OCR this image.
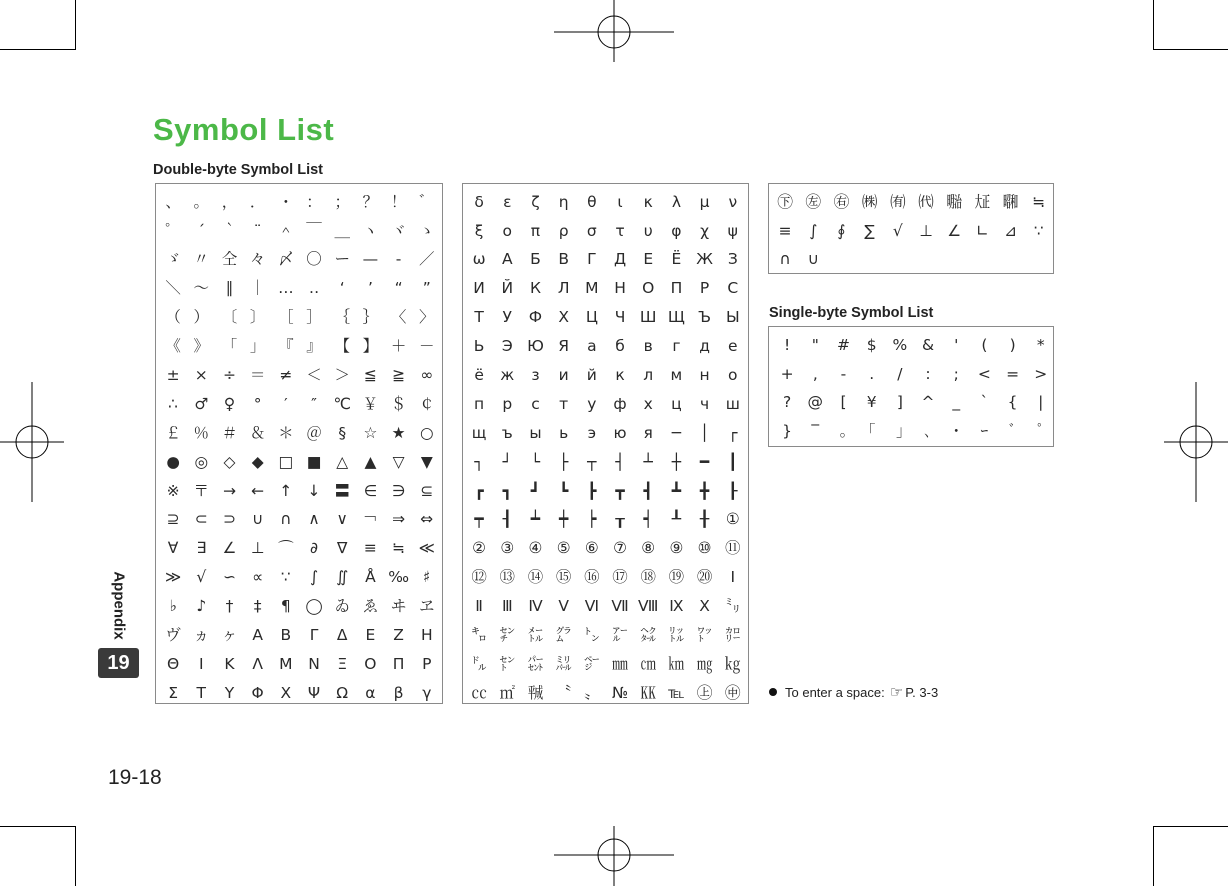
Symbol List
Double-byte Symbol List
Single-byte Symbol List
、 。 ， ． ・ ： ； ？ ！ ゛
゜	´	｀	¨	＾ ￣ ＿ ヽ ヾ ゝ
ゞ 〃 仝 々 〆 〇 ー —	‐	／
＼ ～	∥	｜ … ‥	‘	’	“	”
（ ） 〔 〕 ［ ］ ｛ ｝ 〈 〉
《 》 「 」 『 』 【 】 ＋ －
± × ÷ ＝ ≠ ＜ ＞ ≦ ≧ ∞
∴	♂	♀	°	′	″	℃ ￥ ＄ ￠
￡ ％ ＃ ＆ ＊ ＠	§	☆ ★ ○
● ◎ ◇	◆ □ ■ △	▲	▽	▼
※ 〒 → ← ↑ ↓ 〓 ∈ ∋ ⊆
⊇ ⊂ ⊃	∪	∩	∧	∨ ￢ ⇒ ⇔
∀	∃	∠ ⊥ ⌒	∂	∇	≡ ≒ ≪
≫ √	∽	∝	∵	∫	∬	Å ‰ ♯
♭	♪	†	‡	¶ ◯ ゐ ゑ ヰ ヱ
ヴ ヵ ヶ Α	Β	Γ	Δ	Ε	Ζ	Η
Θ	Ι	Κ	Λ	Μ	Ν	Ξ	Ο	Π	Ρ
Σ	Τ	Υ	Φ	Χ	Ψ	Ω	α	β	γ
δ	ε	ζ	η	θ	ι	κ	λ	μ	ν
ξ	ο	π	ρ	σ	τ	υ	φ	χ	ψ
ω	А	Б	В	Г	Д	Е	Ё Ж З
И	Й	К	Л	М	Н	О	П	Р	С
Т	У	Ф	Х	Ц	Ч Ш Щ Ъ Ы
Ь	Э Ю Я	а	б	в	г	д	е
ё	ж	з	и	й	к	л	м	н	о
п	р	с	т	у	ф	х	ц	ч	ш
щ ъ	ы	ь	э	ю	я	─	│	┌
┐	┘	└	├	┬	┤	┴	┼	━	┃
┏	┓	┛	┗	┣	┳	┫	┻	╋	┠
┯	┨	┷	┿	┝	┰	┥	┸	╂	①
② ③ ④ ⑤ ⑥ ⑦ ⑧ ⑨ ⑩ ⑪
⑫ ⑬ ⑭ ⑮ ⑯ ⑰ ⑱ ⑲ ⑳	Ⅰ
Ⅱ	Ⅲ	Ⅳ	Ⅴ	Ⅵ Ⅶ Ⅷ Ⅸ	Ⅹ ㍉
㌔ ㌢ ㍍ ㌘ ㌧ ㌃ ㌶ ㍑ ㍗ ㌍
㌦ ㌣ ㌫ ㍊ ㌻ ㎜ ㎝ ㎞ ㎎ ㎏
㏄ ㎡ ㍻ 〝 〟 № ㏍ ℡ ㊤ ㊥
㊦ ㊧ ㊨ ㈱ ㈲ ㈹ ㍾ ㍽ ㍼ ≒
≡	∫	∮	∑	√	⊥ ∠ ∟ ⊿	∵
∩	∪
!	"	#	$	% &	'	(	)	*
+	,	-	.	/	:	;	< = >
?	@	[	¥	]	^	_	`	{	|
}	‾	｡	｢	｣	､	･	ｰ	ﾞ	ﾟ
Appendix
19
19-18
To enter a space: ☞ P. 3-3
